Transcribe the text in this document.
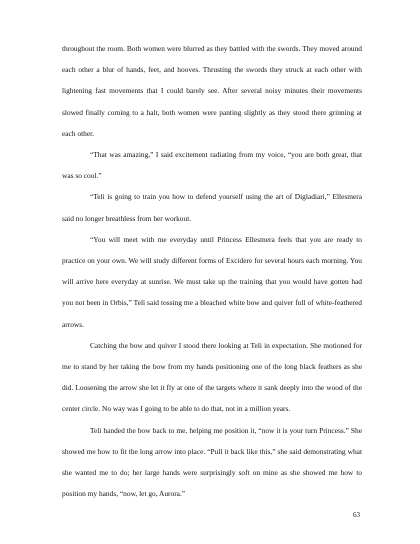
throughout the room. Both women were blurred as they battled with the swords. They moved around each other a blur of hands, feet, and hooves. Thrusting the swords they struck at each other with lightening fast movements that I could barely see. After several noisy minutes their movements slowed finally coming to a halt, both women were panting slightly as they stood there grinning at each other.

“That was amazing,” I said excitement radiating from my voice, “you are both great, that was so cool.”

“Teli is going to train you how to defend yourself using the art of Digladiari,” Ellesmera said no longer breathless from her workout.

“You will meet with me everyday until Princess Ellesmera feels that you are ready to practice on your own. We will study different forms of Excidere for several hours each morning. You will arrive here everyday at sunrise. We must take up the training that you would have gotten had you not been in Orbis,” Teli said tossing me a bleached white bow and quiver full of white-feathered arrows.

Catching the bow and quiver I stood there looking at Teli in expectation. She motioned for me to stand by her taking the bow from my hands positioning one of the long black feathers as she did. Loosening the arrow she let it fly at one of the targets where it sank deeply into the wood of the center circle. No way was I going to be able to do that, not in a million years.

Teli handed the bow back to me, helping me position it, “now it is your turn Princess.” She showed me how to fit the long arrow into place. “Pull it back like this,” she said demonstrating what she wanted me to do; her large hands were surprisingly soft on mine as she showed me how to position my hands, “now, let go, Aurora.”

63
